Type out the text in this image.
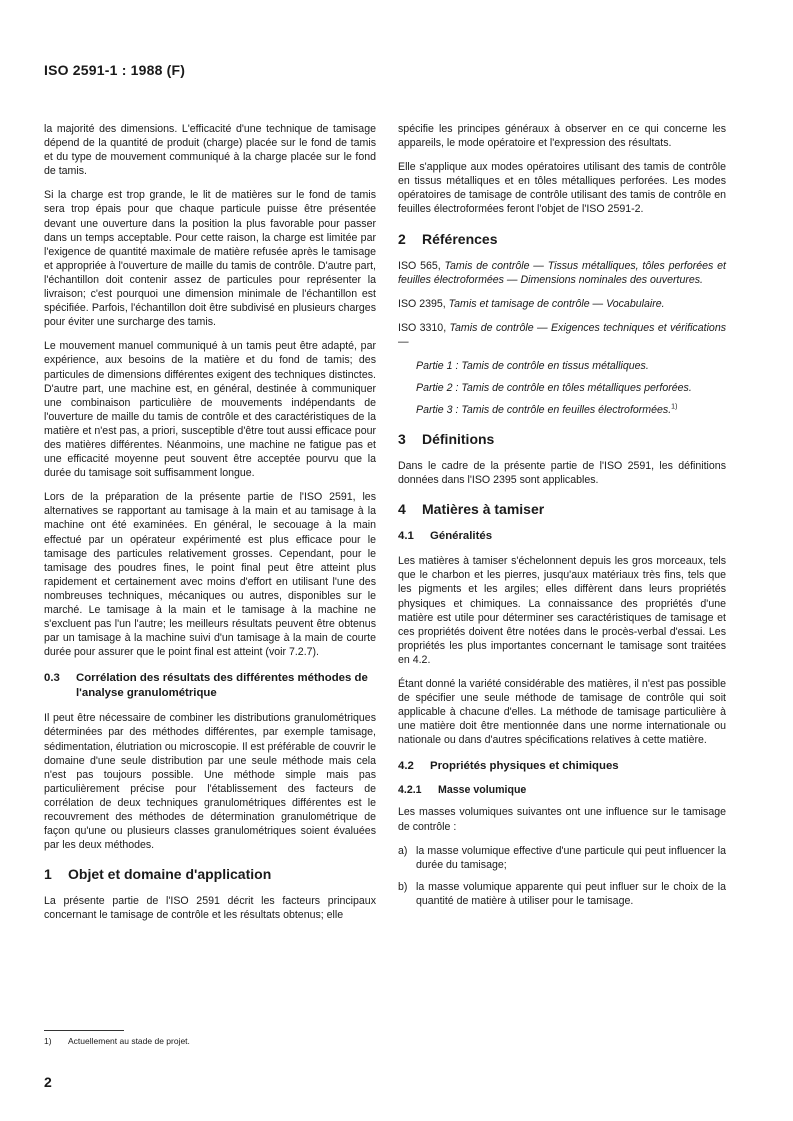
ISO 2591-1 : 1988 (F)

la majorité des dimensions. L'efficacité d'une technique de tamisage dépend de la quantité de produit (charge) placée sur le fond de tamis et du type de mouvement communiqué à la charge placée sur le fond de tamis.

Si la charge est trop grande, le lit de matières sur le fond de tamis sera trop épais pour que chaque particule puisse être présentée devant une ouverture dans la position la plus favorable pour passer dans un temps acceptable. Pour cette raison, la charge est limitée par l'exigence de quantité maximale de matière refusée après le tamisage et appropriée à l'ouverture de maille du tamis de contrôle. D'autre part, l'échantillon doit contenir assez de particules pour représenter la livraison; c'est pourquoi une dimension minimale de l'échantillon est spécifiée. Parfois, l'échantillon doit être subdivisé en plusieurs charges pour éviter une surcharge des tamis.

Le mouvement manuel communiqué à un tamis peut être adapté, par expérience, aux besoins de la matière et du fond de tamis; des particules de dimensions différentes exigent des techniques distinctes. D'autre part, une machine est, en général, destinée à communiquer une combinaison particulière de mouvements indépendants de l'ouverture de maille du tamis de contrôle et des caractéristiques de la matière et n'est pas, a priori, susceptible d'être tout aussi efficace pour des matières différentes. Néanmoins, une machine ne fatigue pas et une efficacité moyenne peut souvent être acceptée pourvu que la durée du tamisage soit suffisamment longue.

Lors de la préparation de la présente partie de l'ISO 2591, les alternatives se rapportant au tamisage à la main et au tamisage à la machine ont été examinées. En général, le secouage à la main effectué par un opérateur expérimenté est plus efficace pour le tamisage des particules relativement grosses. Cependant, pour le tamisage des poudres fines, le point final peut être atteint plus rapidement et certainement avec moins d'effort en utilisant l'une des nombreuses techniques, mécaniques ou autres, disponibles sur le marché. Le tamisage à la main et le tamisage à la machine ne s'excluent pas l'un l'autre; les meilleurs résultats peuvent être obtenus par un tamisage à la machine suivi d'un tamisage à la main de courte durée pour assurer que le point final est atteint (voir 7.2.7).

0.3	Corrélation des résultats des différentes méthodes de l'analyse granulométrique

Il peut être nécessaire de combiner les distributions granulométriques déterminées par des méthodes différentes, par exemple tamisage, sédimentation, élutriation ou microscopie. Il est préférable de couvrir le domaine d'une seule distribution par une seule méthode mais cela n'est pas toujours possible. Une méthode simple mais pas particulièrement précise pour l'établissement des facteurs de corrélation de deux techniques granulométriques différentes est le recouvrement des méthodes de détermination granulométrique de façon qu'une ou plusieurs classes granulométriques soient évaluées par les deux méthodes.

1	Objet et domaine d'application

La présente partie de l'ISO 2591 décrit les facteurs principaux concernant le tamisage de contrôle et les résultats obtenus; elle

spécifie les principes généraux à observer en ce qui concerne les appareils, le mode opératoire et l'expression des résultats.

Elle s'applique aux modes opératoires utilisant des tamis de contrôle en tissus métalliques et en tôles métalliques perforées. Les modes opératoires de tamisage de contrôle utilisant des tamis de contrôle en feuilles électroformées feront l'objet de l'ISO 2591-2.

2	Références

ISO 565, Tamis de contrôle — Tissus métalliques, tôles perforées et feuilles électroformées — Dimensions nominales des ouvertures.

ISO 2395, Tamis et tamisage de contrôle — Vocabulaire.

ISO 3310, Tamis de contrôle — Exigences techniques et vérifications —

Partie 1 : Tamis de contrôle en tissus métalliques.
Partie 2 : Tamis de contrôle en tôles métalliques perforées.
Partie 3 : Tamis de contrôle en feuilles électroformées.$^{1)}$
3	Définitions

Dans le cadre de la présente partie de l'ISO 2591, les définitions données dans l'ISO 2395 sont applicables.

4	Matières à tamiser
4.1	Généralités

Les matières à tamiser s'échelonnent depuis les gros morceaux, tels que le charbon et les pierres, jusqu'aux matériaux très fins, tels que les pigments et les argiles; elles diffèrent dans leurs propriétés physiques et chimiques. La connaissance des propriétés d'une matière est utile pour déterminer ses caractéristiques de tamisage et ces propriétés doivent être notées dans le procès-verbal d'essai. Les propriétés les plus importantes concernant le tamisage sont traitées en 4.2.

Étant donné la variété considérable des matières, il n'est pas possible de spécifier une seule méthode de tamisage de contrôle qui soit applicable à chacune d'elles. La méthode de tamisage particulière à une matière doit être mentionnée dans une norme internationale ou nationale ou dans d'autres spécifications relatives à cette matière.

4.2	Propriétés physiques et chimiques
4.2.1	Masse volumique

Les masses volumiques suivantes ont une influence sur le tamisage de contrôle :

a) la masse volumique effective d'une particule qui peut influencer la durée du tamisage;
b) la masse volumique apparente qui peut influer sur le choix de la quantité de matière à utiliser pour le tamisage.
1) Actuellement au stade de projet.
2
